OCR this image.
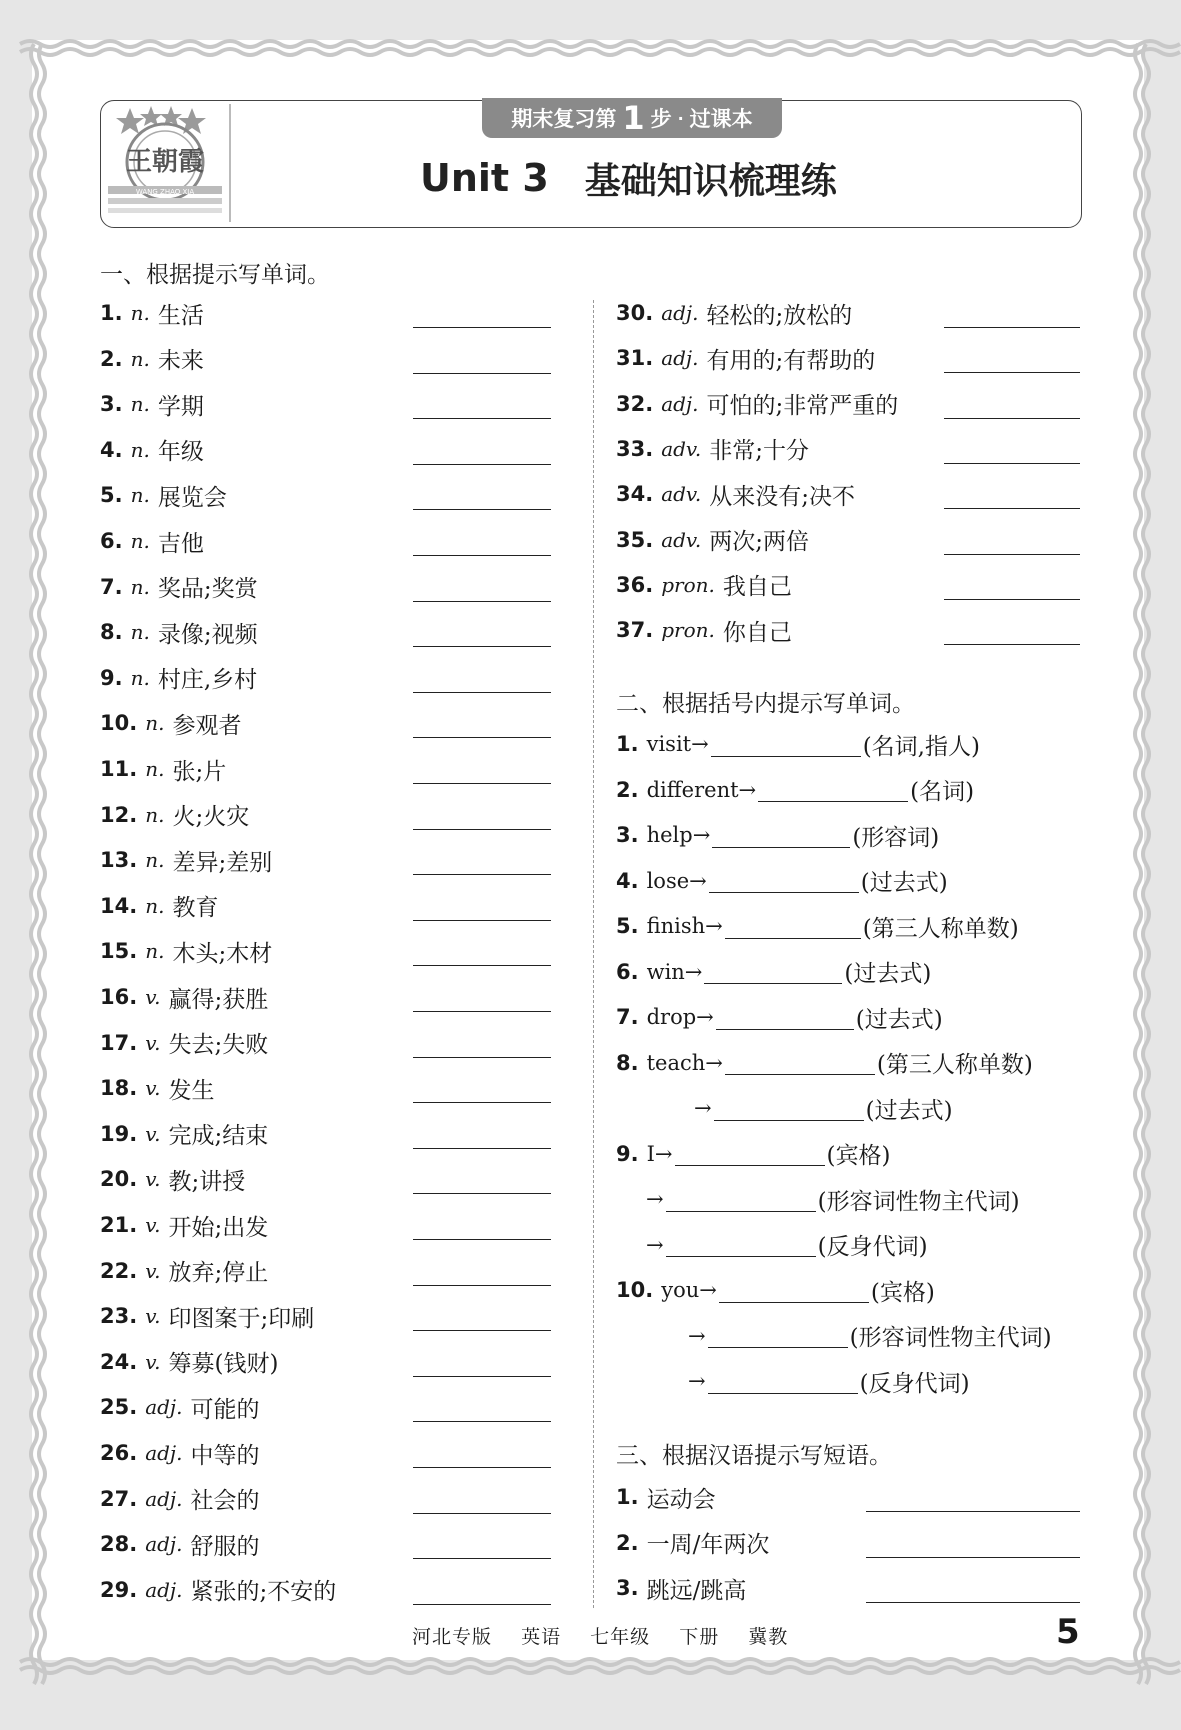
王朝霞
WANG ZHAO XIA
期末复习第 1 步 · 过课本
Unit 3 基础知识梳理练
一、根据提示写单词。
1. n. 生活
2. n. 未来
3. n. 学期
4. n. 年级
5. n. 展览会
6. n. 吉他
7. n. 奖品;奖赏
8. n. 录像;视频
9. n. 村庄,乡村
10. n. 参观者
11. n. 张;片
12. n. 火;火灾
13. n. 差异;差别
14. n. 教育
15. n. 木头;木材
16. v. 赢得;获胜
17. v. 失去;失败
18. v. 发生
19. v. 完成;结束
20. v. 教;讲授
21. v. 开始;出发
22. v. 放弃;停止
23. v. 印图案于;印刷
24. v. 筹募(钱财)
25. adj. 可能的
26. adj. 中等的
27. adj. 社会的
28. adj. 舒服的
29. adj. 紧张的;不安的
30. adj. 轻松的;放松的
31. adj. 有用的;有帮助的
32. adj. 可怕的;非常严重的
33. adv. 非常;十分
34. adv. 从来没有;决不
35. adv. 两次;两倍
36. pron. 我自己
37. pron. 你自己
二、根据括号内提示写单词。
1. visit→	(名词,指人)
2. different→	(名词)
3. help→	(形容词)
4. lose→	(过去式)
5. finish→	(第三人称单数)
6. win→	(过去式)
7. drop→	(过去式)
8. teach→	(第三人称单数)
→	(过去式)
9. I→	(宾格)
→	(形容词性物主代词)
→	(反身代词)
10. you→	(宾格)
→	(形容词性物主代词)
→	(反身代词)
三、根据汉语提示写短语。
1. 运动会
2. 一周/年两次
3. 跳远/跳高
河北专版 英语 七年级 下册 冀教	5
